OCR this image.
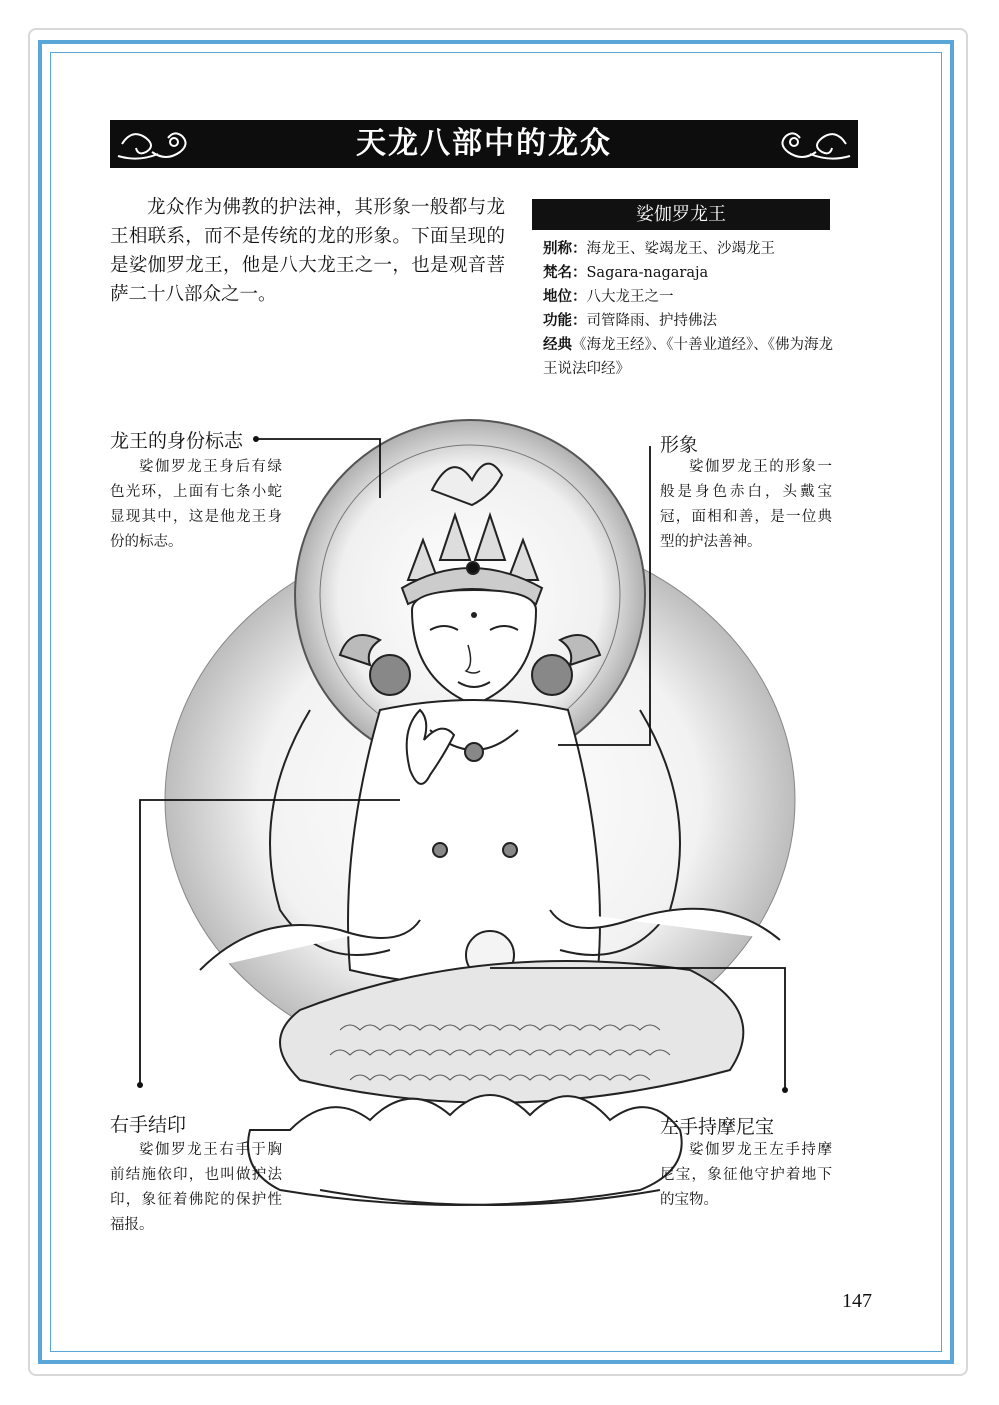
天龙八部中的龙众
龙众作为佛教的护法神，其形象一般都与龙王相联系，而不是传统的龙的形象。下面呈现的是娑伽罗龙王，他是八大龙王之一，也是观音菩萨二十八部众之一。
娑伽罗龙王
别称：海龙王、娑竭龙王、沙竭龙王
梵名：Sagara-nagaraja
地位：八大龙王之一
功能：司管降雨、护持佛法
经典《海龙王经》、《十善业道经》、《佛为海龙王说法印经》
龙王的身份标志
娑伽罗龙王身后有绿色光环，上面有七条小蛇显现其中，这是他龙王身份的标志。
形象
娑伽罗龙王的形象一般是身色赤白，头戴宝冠，面相和善，是一位典型的护法善神。
右手结印
娑伽罗龙王右手于胸前结施依印，也叫做护法印，象征着佛陀的保护性福报。
左手持摩尼宝
娑伽罗龙王左手持摩尼宝，象征他守护着地下的宝物。
147
